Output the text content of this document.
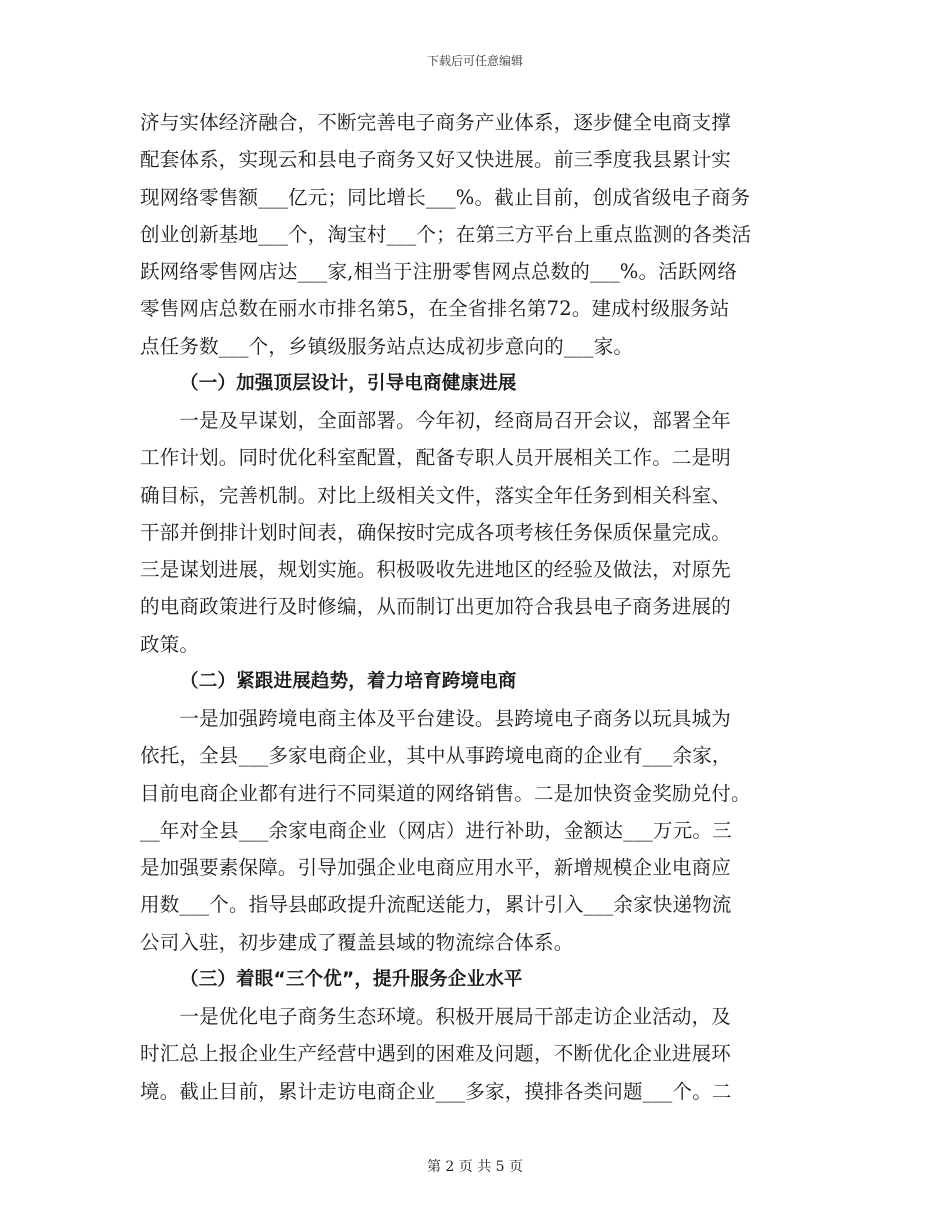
下载后可任意编辑
济与实体经济融合，不断完善电子商务产业体系，逐步健全电商支撑
配套体系，实现云和县电子商务又好又快进展。前三季度我县累计实
现网络零售额___亿元；同比增长___%。截止目前，创成省级电子商务
创业创新基地___个，淘宝村___个；在第三方平台上重点监测的各类活
跃网络零售网店达___家,相当于注册零售网点总数的___%。活跃网络
零售网店总数在丽水市排名第5，在全省排名第72。建成村级服务站
点任务数___个，乡镇级服务站点达成初步意向的___家。
（一）加强顶层设计，引导电商健康进展
　　一是及早谋划，全面部署。今年初，经商局召开会议，部署全年
工作计划。同时优化科室配置，配备专职人员开展相关工作。二是明
确目标，完善机制。对比上级相关文件，落实全年任务到相关科室、
干部并倒排计划时间表，确保按时完成各项考核任务保质保量完成。
三是谋划进展，规划实施。积极吸收先进地区的经验及做法，对原先
的电商政策进行及时修编，从而制订出更加符合我县电子商务进展的
政策。
（二）紧跟进展趋势，着力培育跨境电商
　　一是加强跨境电商主体及平台建设。县跨境电子商务以玩具城为
依托，全县___多家电商企业，其中从事跨境电商的企业有___余家，
目前电商企业都有进行不同渠道的网络销售。二是加快资金奖励兑付。
__年对全县___余家电商企业（网店）进行补助，金额达___万元。三
是加强要素保障。引导加强企业电商应用水平，新增规模企业电商应
用数___个。指导县邮政提升流配送能力，累计引入___余家快递物流
公司入驻，初步建成了覆盖县域的物流综合体系。
（三）着眼“三个优”，提升服务企业水平
　　一是优化电子商务生态环境。积极开展局干部走访企业活动，及
时汇总上报企业生产经营中遇到的困难及问题，不断优化企业进展环
境。截止目前，累计走访电商企业___多家，摸排各类问题___个。二
第 2 页 共 5 页
